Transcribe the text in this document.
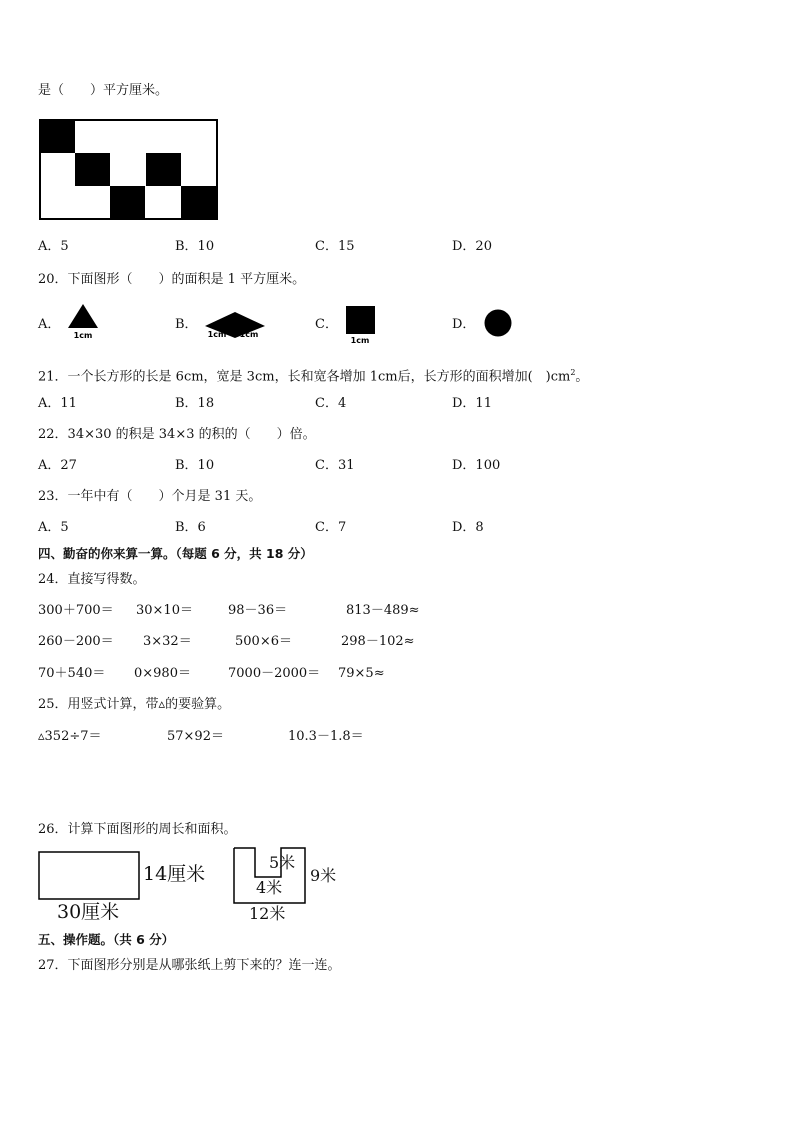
是（　　）平方厘米。
A．5	B．10	C．15	D．20
20．下面图形（　　）的面积是 1 平方厘米。
A．
1cm
B．
1cm 1cm
C．
1cm
D．
21．一个长方形的长是 6cm，宽是 3cm，长和宽各增加 1cm后，长方形的面积增加(　)$cm^2$。
A．11	B．18	C．4	D．11
22．34×30 的积是 34×3 的积的（　　）倍。
A．27	B．10	C．31	D．100
23．一年中有（　　）个月是 31 天。
A．5	B．6	C．7	D．8
四、勤奋的你来算一算。（每题 6 分，共 18 分）
24．直接写得数。
300＋700＝ 30×10＝	98－36＝	813－489≈
260－200＝ 3×32＝	500×6＝	298－102≈
70＋540＝ 0×980＝	7000－2000＝ 79×5≈
25．用竖式计算，带▵的要验算。
▵352÷7＝	57×92＝	10.3－1.8＝
26．计算下面图形的周长和面积。
14厘米
30厘米
5米
4米
9米
12米
五、操作题。（共 6 分）
27．下面图形分别是从哪张纸上剪下来的？连一连。
